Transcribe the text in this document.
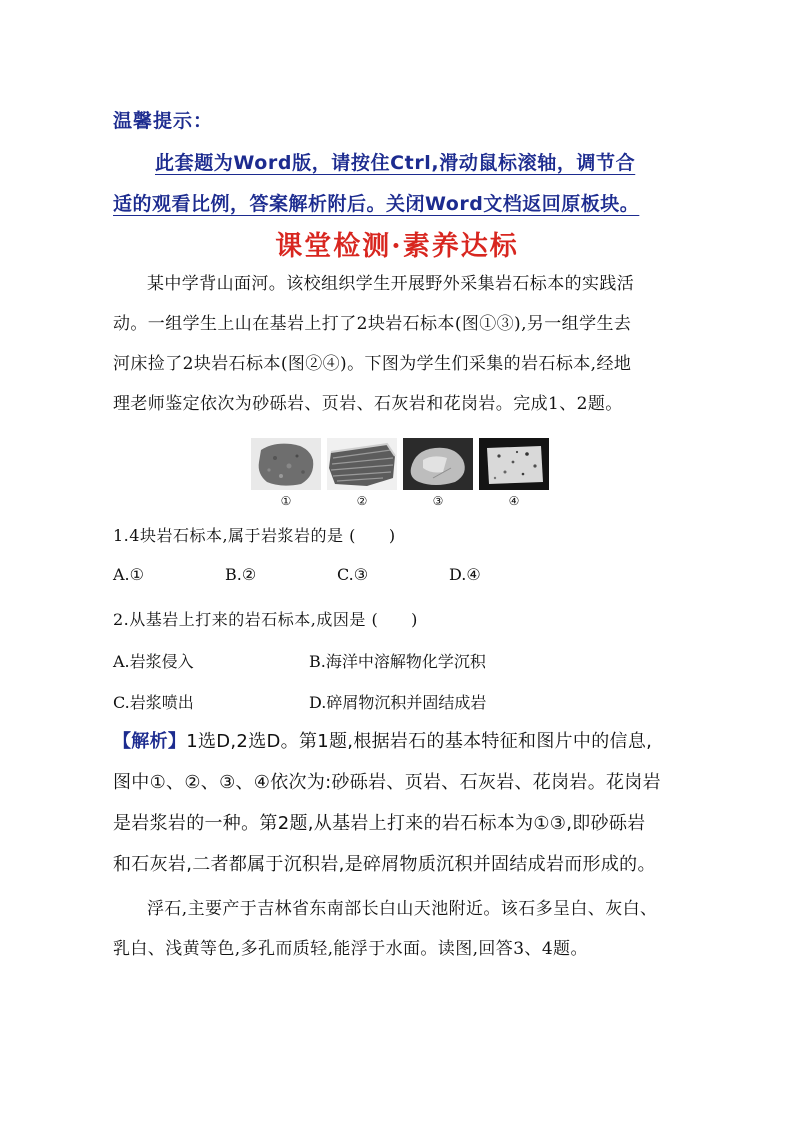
温馨提示：
此套题为Word版，请按住Ctrl,滑动鼠标滚轴，调节合
适的观看比例，答案解析附后。关闭Word文档返回原板块。
课堂检测·素养达标

某中学背山面河。该校组织学生开展野外采集岩石标本的实践活

动。一组学生上山在基岩上打了2块岩石标本(图①③),另一组学生去

河床捡了2块岩石标本(图②④)。下图为学生们采集的岩石标本,经地

理老师鉴定依次为砂砾岩、页岩、石灰岩和花岗岩。完成1、2题。

①	②	③	④
1.4块岩石标本,属于岩浆岩的是 (　　)
A.①	B.②	C.③	D.④
2.从基岩上打来的岩石标本,成因是 (　　)
A.岩浆侵入	B.海洋中溶解物化学沉积
C.岩浆喷出	D.碎屑物沉积并固结成岩

【解析】1选D,2选D。第1题,根据岩石的基本特征和图片中的信息,

图中①、②、③、④依次为:砂砾岩、页岩、石灰岩、花岗岩。花岗岩

是岩浆岩的一种。第2题,从基岩上打来的岩石标本为①③,即砂砾岩

和石灰岩,二者都属于沉积岩,是碎屑物质沉积并固结成岩而形成的。

浮石,主要产于吉林省东南部长白山天池附近。该石多呈白、灰白、

乳白、浅黄等色,多孔而质轻,能浮于水面。读图,回答3、4题。
